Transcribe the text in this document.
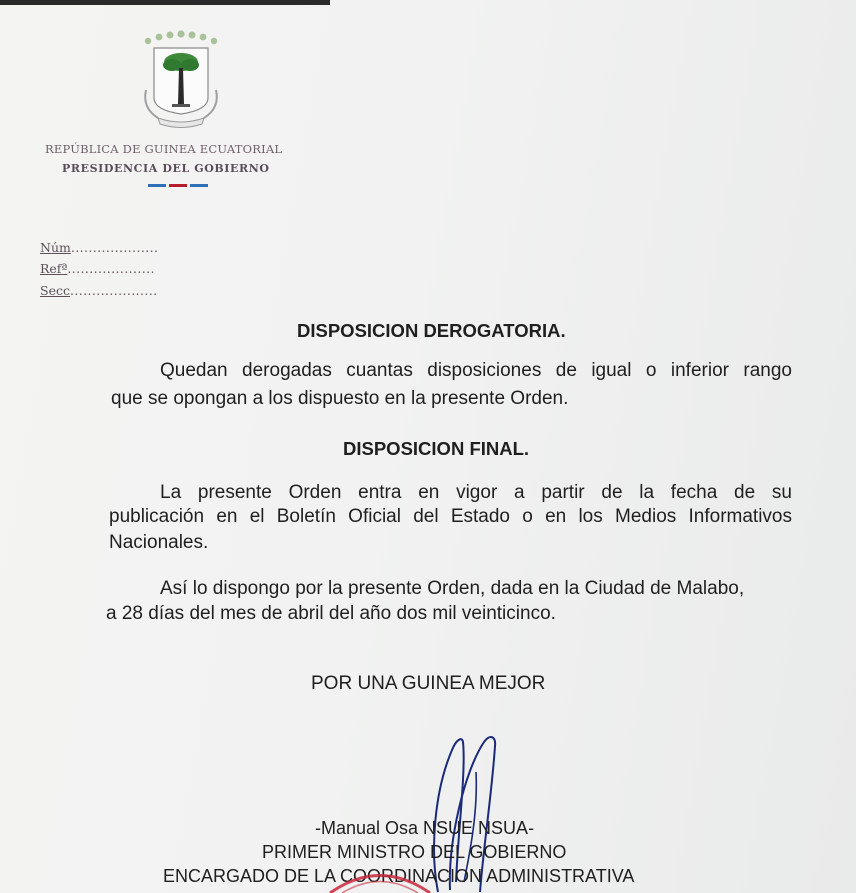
REPÚBLICA DE GUINEA ECUATORIAL
PRESIDENCIA DEL GOBIERNO
Núm....................
Refª....................
Secc....................
DISPOSICION DEROGATORIA.
Quedan derogadas cuantas disposiciones de igual o inferior rango
que se opongan a los dispuesto en la presente Orden.
DISPOSICION FINAL.
La presente Orden entra en vigor a partir de la fecha de su
publicación en el Boletín Oficial del Estado o en los Medios Informativos
Nacionales.
Así lo dispongo por la presente Orden, dada en la Ciudad de Malabo,
a 28 días del mes de abril del año dos mil veinticinco.
POR UNA GUINEA MEJOR
-Manual Osa NSUE NSUA-
PRIMER MINISTRO DEL GOBIERNO
ENCARGADO DE LA COORDINACION ADMINISTRATIVA
